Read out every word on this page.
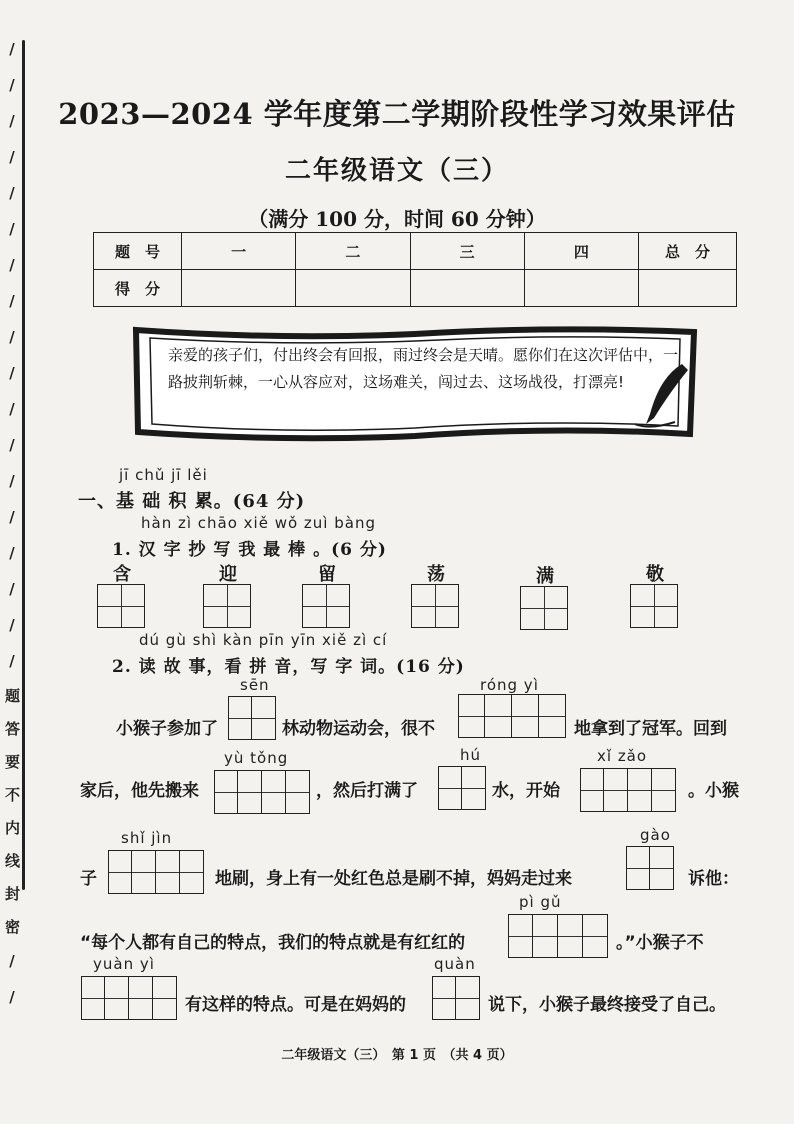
/ / / / / / / / / / / / / / / / / / 题 答 要 不 内 线 封 密 / /	2023—2024 学年度第二学期阶段性学习效果评估
二年级语文（三）
（满分 100 分，时间 60 分钟）
题　号	一	二	三	四	总　分
得　分					
亲爱的孩子们，付出终会有回报，雨过终会是天晴。愿你们在这次评估中，一路披荆斩棘，一心从容应对，这场难关，闯过去、这场战役，打漂亮!
jī chǔ jī lěi
一、基 础 积 累。(64 分)
hàn zì chāo xiě wǒ zuì bàng
1. 汉 字 抄 写 我 最 棒 。(6 分)
含	迎	留	荡	满	敬
dú gù shì kàn pīn yīn xiě zì cí
2. 读 故 事，看 拼 音，写 字 词。(16 分)
sēn	róng yì
小猴子参加了	林动物运动会，很不	地拿到了冠军。回到
yù tǒng	hú	xǐ zǎo
家后，他先搬来	，然后打满了	水，开始	。小猴
shǐ jìn	gào
子	地刷，身上有一处红色总是刷不掉，妈妈走过来	诉他：
pì gǔ
“每个人都有自己的特点，我们的特点就是有红红的	。”小猴子不
yuàn yì	quàn
有这样的特点。可是在妈妈的	说下，小猴子最终接受了自己。
二年级语文（三）　第 1 页　（共 4 页）
